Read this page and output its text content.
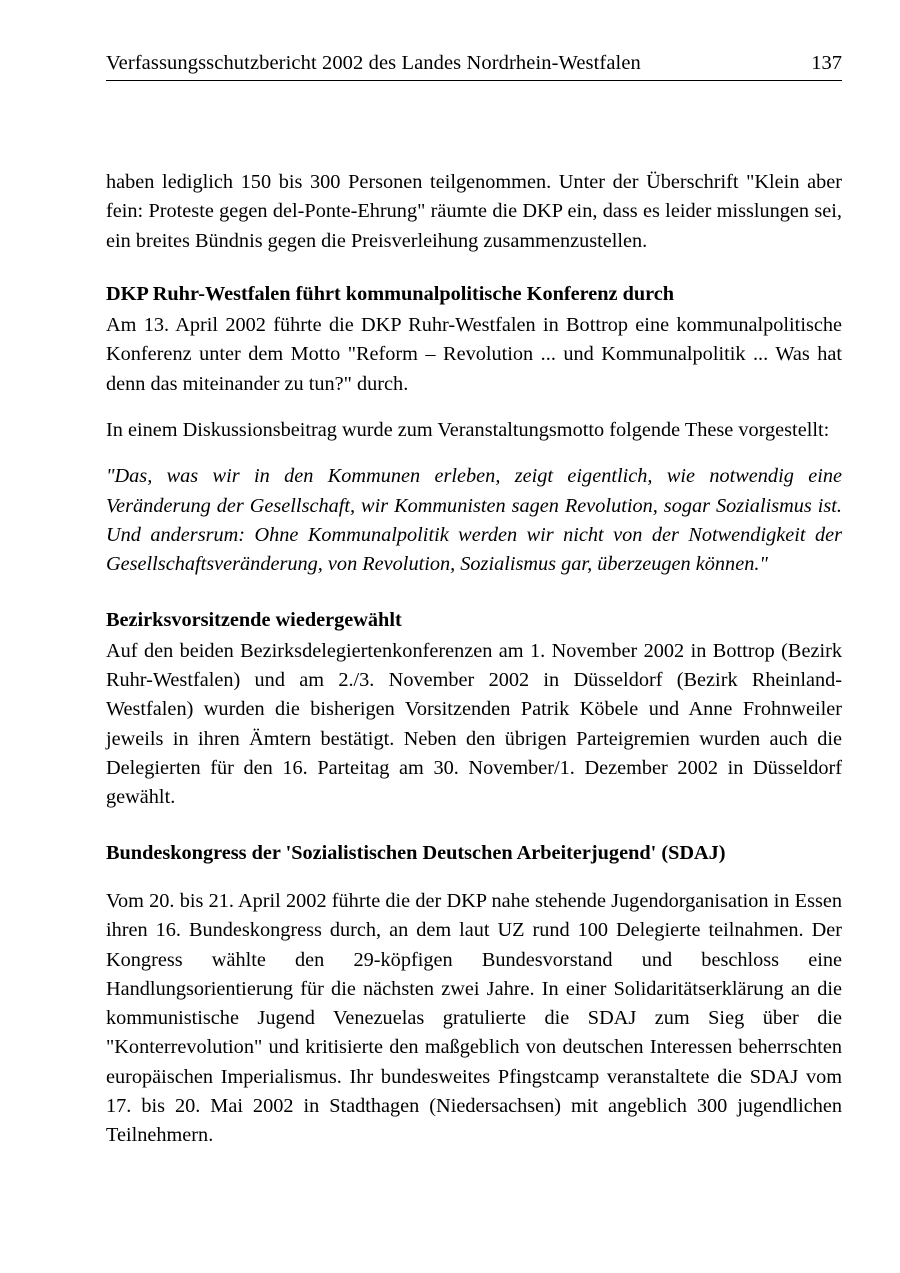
Verfassungsschutzbericht 2002 des Landes Nordrhein-Westfalen	137

haben lediglich 150 bis 300 Personen teilgenommen. Unter der Überschrift "Klein aber fein: Proteste gegen del-Ponte-Ehrung" räumte die DKP ein, dass es leider misslungen sei, ein breites Bündnis gegen die Preisverleihung zusammenzustellen.

DKP Ruhr-Westfalen führt kommunalpolitische Konferenz durch

Am 13. April 2002 führte die DKP Ruhr-Westfalen in Bottrop eine kommunalpolitische Konferenz unter dem Motto "Reform – Revolution ... und Kommunalpolitik ... Was hat denn das miteinander zu tun?" durch.

In einem Diskussionsbeitrag wurde zum Veranstaltungsmotto folgende These vorgestellt:

"Das, was wir in den Kommunen erleben, zeigt eigentlich, wie notwendig eine Veränderung der Gesellschaft, wir Kommunisten sagen Revolution, sogar Sozialismus ist. Und andersrum: Ohne Kommunalpolitik werden wir nicht von der Notwendigkeit der Gesellschaftsveränderung, von Revolution, Sozialismus gar, überzeugen können."

Bezirksvorsitzende wiedergewählt

Auf den beiden Bezirksdelegiertenkonferenzen am 1. November 2002 in Bottrop (Bezirk Ruhr-Westfalen) und am 2./3. November 2002 in Düsseldorf (Bezirk Rheinland-Westfalen) wurden die bisherigen Vorsitzenden Patrik Köbele und Anne Frohnweiler jeweils in ihren Ämtern bestätigt. Neben den übrigen Parteigremien wurden auch die Delegierten für den 16. Parteitag am 30. November/1. Dezember 2002 in Düsseldorf gewählt.

Bundeskongress der 'Sozialistischen Deutschen Arbeiterjugend' (SDAJ)

Vom 20. bis 21. April 2002 führte die der DKP nahe stehende Jugendorganisation in Essen ihren 16. Bundeskongress durch, an dem laut UZ rund 100 Delegierte teilnahmen. Der Kongress wählte den 29-köpfigen Bundesvorstand und beschloss eine Handlungsorientierung für die nächsten zwei Jahre. In einer Solidaritätserklärung an die kommunistische Jugend Venezuelas gratulierte die SDAJ zum Sieg über die "Konterrevolution" und kritisierte den maßgeblich von deutschen Interessen beherrschten europäischen Imperialismus. Ihr bundesweites Pfingstcamp veranstaltete die SDAJ vom 17. bis 20. Mai 2002 in Stadthagen (Niedersachsen) mit angeblich 300 jugendlichen Teilnehmern.
